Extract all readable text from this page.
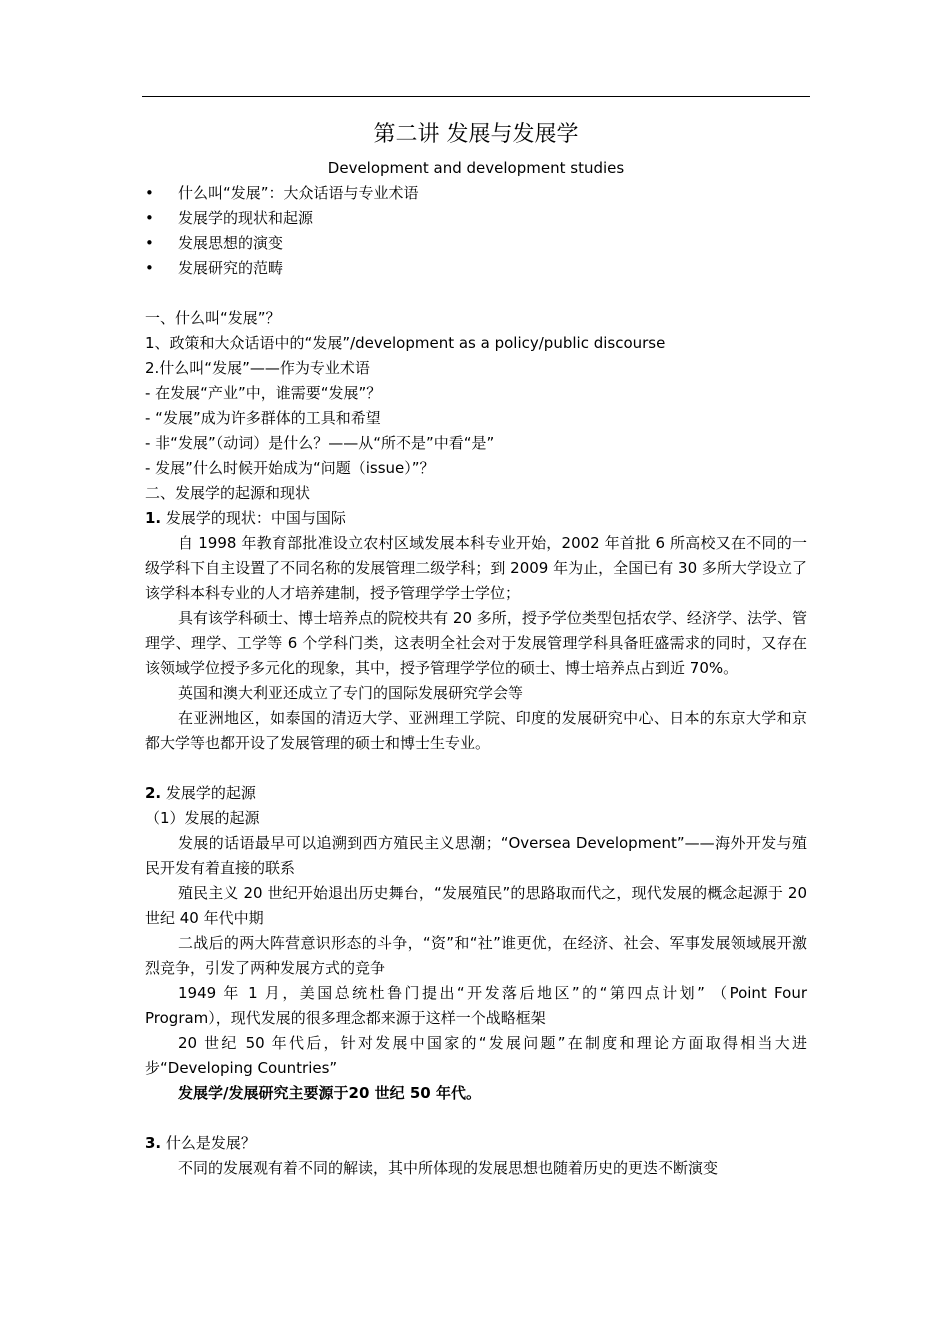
第二讲 发展与发展学
Development and development studies
• 什么叫“发展”：大众话语与专业术语
• 发展学的现状和起源
• 发展思想的演变
• 发展研究的范畴
一、什么叫“发展”？
1、政策和大众话语中的“发展”/development as a policy/public discourse
2.什么叫“发展”——作为专业术语
- 在发展“产业”中，谁需要“发展”？
- “发展”成为许多群体的工具和希望
- 非“发展”（动词）是什么？——从“所不是”中看“是”
- 发展”什么时候开始成为“问题（issue）”？
二、发展学的起源和现状
1. 发展学的现状：中国与国际
自 1998 年教育部批准设立农村区域发展本科专业开始，2002 年首批 6 所高校又在不同的一级学科下自主设置了不同名称的发展管理二级学科；到 2009 年为止，全国已有 30 多所大学设立了该学科本科专业的人才培养建制，授予管理学学士学位；
具有该学科硕士、博士培养点的院校共有 20 多所，授予学位类型包括农学、经济学、法学、管理学、理学、工学等 6 个学科门类，这表明全社会对于发展管理学科具备旺盛需求的同时，又存在该领域学位授予多元化的现象，其中，授予管理学学位的硕士、博士培养点占到近 70%。
英国和澳大利亚还成立了专门的国际发展研究学会等
在亚洲地区，如泰国的清迈大学、亚洲理工学院、印度的发展研究中心、日本的东京大学和京都大学等也都开设了发展管理的硕士和博士生专业。
2. 发展学的起源
（1）发展的起源
发展的话语最早可以追溯到西方殖民主义思潮；“Oversea Development”——海外开发与殖民开发有着直接的联系
殖民主义 20 世纪开始退出历史舞台，“发展殖民”的思路取而代之，现代发展的概念起源于 20 世纪 40 年代中期
二战后的两大阵营意识形态的斗争，“资”和“社”谁更优，在经济、社会、军事发展领域展开激烈竞争，引发了两种发展方式的竞争
1949 年 1 月，美国总统杜鲁门提出“开发落后地区”的“第四点计划” （Point Four Program），现代发展的很多理念都来源于这样一个战略框架
20 世纪 50 年代后，针对发展中国家的“发展问题”在制度和理论方面取得相当大进步“Developing Countries”
发展学/发展研究主要源于20 世纪 50 年代。
3. 什么是发展？
不同的发展观有着不同的解读，其中所体现的发展思想也随着历史的更迭不断演变
